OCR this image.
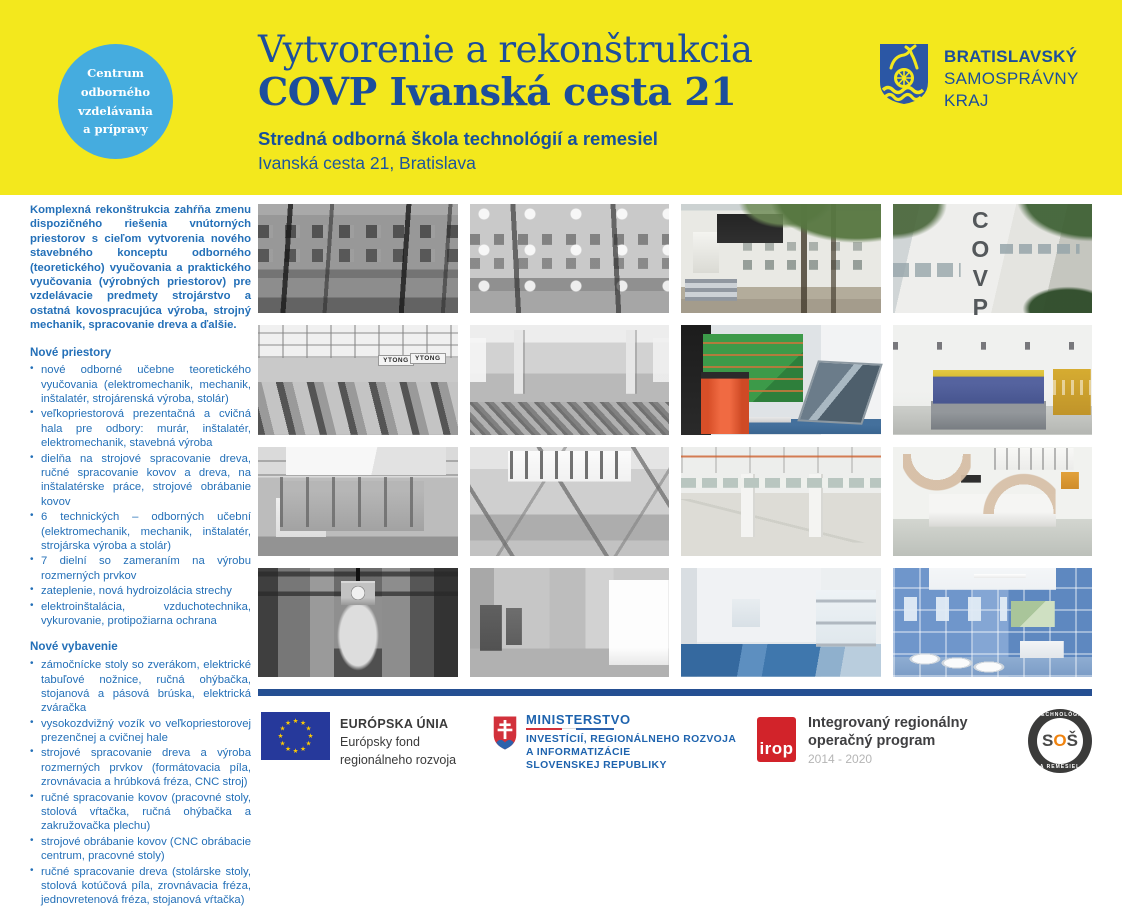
Centrum odborného vzdelávania a prípravy
Vytvorenie a rekonštrukcia
COVP Ivanská cesta 21
Stredná odborná škola technológií a remesiel
Ivanská cesta 21, Bratislava
BRATISLAVSKÝ
SAMOSPRÁVNY
KRAJ

Komplexná rekonštrukcia zahŕňa zmenu dispozičného riešenia vnútorných priestorov s cieľom vytvorenia nového stavebného konceptu odborného (teoretického) vyučovania a praktického vyučovania (výrobných priestorov) pre vzdelávacie predmety strojárstvo a ostatná kovospracujúca výroba, strojný mechanik, spracovanie dreva a ďalšie.

Nové priestory
• nové odborné učebne teoretického vyučovania (elektromechanik, mechanik, inštalatér, strojárenská výroba, stolár)
• veľkopriestorová prezentačná a cvičná hala pre odbory: murár, inštalatér, elektromechanik, stavebná výroba
• dielňa na strojové spracovanie dreva, ručné spracovanie kovov a dreva, na inštalatérske práce, strojové obrábanie kovov
• 6 technických – odborných učební (elektromechanik, mechanik, inštalatér, strojárska výroba a stolár)
• 7 dielní so zameraním na výrobu rozmerných prvkov
• zateplenie, nová hydroizolácia strechy
• elektroinštalácia, vzduchotechnika, vykurovanie, protipožiarna ochrana
Nové vybavenie
• zámočnícke stoly so zverákom, elektrické tabuľové nožnice, ručná ohýbačka, stojanová a pásová brúska, elektrická zváračka
• vysokozdvižný vozík vo veľkopriestorovej prezenčnej a cvičnej hale
• strojové spracovanie dreva a výroba rozmerných prvkov (formátovacia píla, zrovnávacia a hrúbková fréza, CNC stroj)
• ručné spracovanie kovov (pracovné stoly, stolová vŕtačka, ručná ohýbačka a zakružovačka plechu)
• strojové obrábanie kovov (CNC obrábacie centrum, pracovné stoly)
• ručné spracovanie dreva (stolárske stoly, stolová kotúčová píla, zrovnávacia fréza, jednovretenová fréza, stojanová vŕtačka)
COVP
YTONG YTONG
★ ★
★
★
★
★
★
★
★
★
★
★	EURÓPSKA ÚNIA
Európsky fond
regionálneho rozvoja
MINISTERSTVO
INVESTÍCIÍ, REGIONÁLNEHO ROZVOJA
A INFORMATIZÁCIE
SLOVENSKEJ REPUBLIKY
irop
Integrovaný regionálny
operačný program
2014 - 2020
TECHNOLÓGIÍ
S O Š
A REMESIEL
